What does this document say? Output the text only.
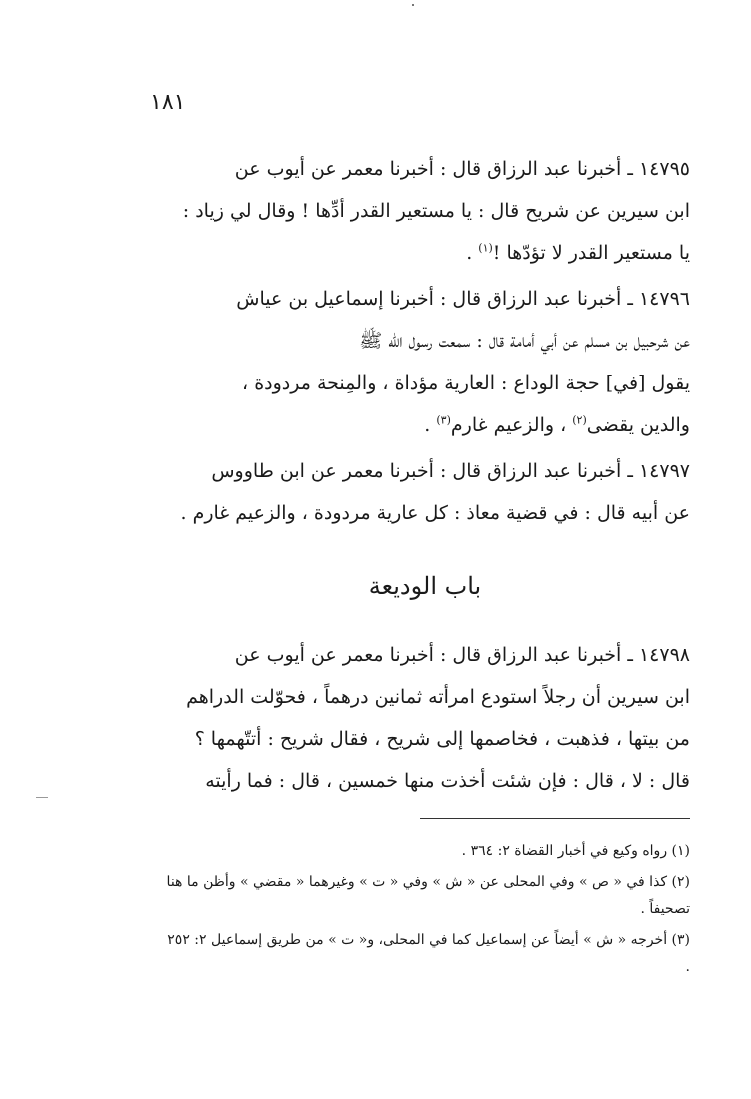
١٨١

١٤٧٩٥ ـ أخبرنا عبد الرزاق قال : أخبرنا معمر عن أيوب عن

ابن سيرين عن شريح قال : يا مستعير القدر أدِّها ! وقال لي زياد :

يا مستعير القدر لا تؤدّها !$^{(١)}$ .

١٤٧٩٦ ـ أخبرنا عبد الرزاق قال : أخبرنا إسماعيل بن عياش

عن شرحبيل بن مسلم عن أبي أمامة قال : سمعت رسول الله ﷺ

يقول [في] حجة الوداع : العارية مؤداة ، والمِنحة مردودة ،

والدين يقضى$^{(٢)}$ ، والزعيم غارم$^{(٣)}$ .

١٤٧٩٧ ـ أخبرنا عبد الرزاق قال : أخبرنا معمر عن ابن طاووس

عن أبيه قال : في قضية معاذ : كل عارية مردودة ، والزعيم غارم .

باب الوديعة

١٤٧٩٨ ـ أخبرنا عبد الرزاق قال : أخبرنا معمر عن أيوب عن

ابن سيرين أن رجلاً استودع امرأته ثمانين درهماً ، فحوّلت الدراهم

من بيتها ، فذهبت ، فخاصمها إلى شريح ، فقال شريح : أتتّهمها ؟

قال : لا ، قال : فإن شئت أخذت منها خمسين ، قال : فما رأيته

(١) رواه وكيع في أخبار القضاة ٢: ٣٦٤ .

(٢) كذا في « ص » وفي المحلى عن « ش » وفي « ت » وغيرهما « مقضي » وأظن ما هنا تصحيفاً .

(٣) أخرجه « ش » أيضاً عن إسماعيل كما في المحلى، و« ت » من طريق إسماعيل ٢: ٢٥٢ .
